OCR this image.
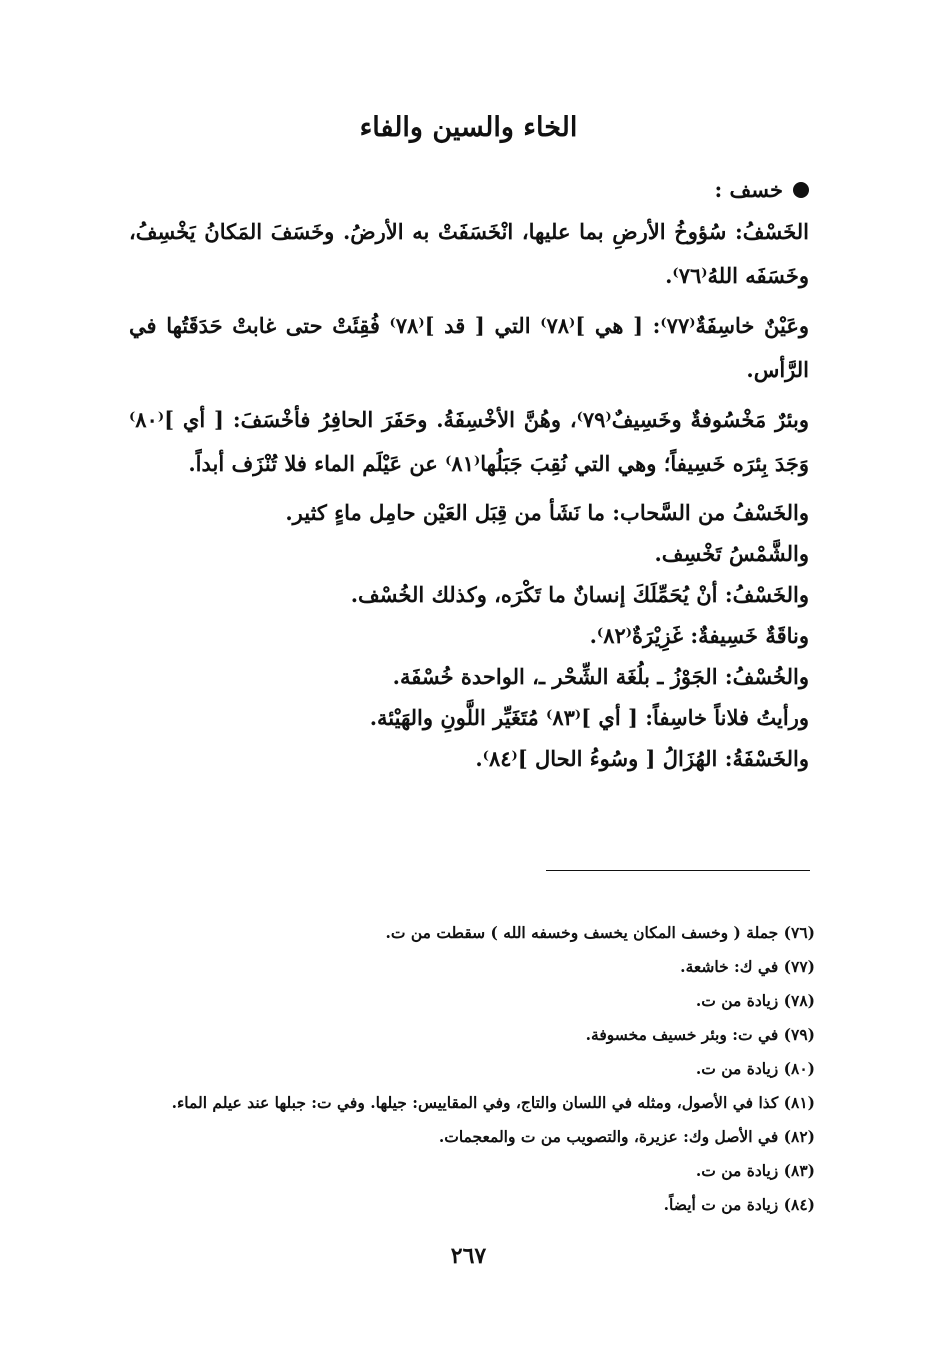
الخاء والسين والفاء
خسف :

الخَسْفُ: سُؤوخُ الأرضِ بما عليها، انْخَسَفَتْ به الأرضُ. وخَسَفَ المَكانُ يَخْسِفُ، وخَسَفَه اللهُ⁽٧٦⁾.

وعَيْنٌ خاسِفَةٌ⁽٧٧⁾: [ هي ]⁽٧٨⁾ التي [ قد ]⁽٧٨⁾ فُقِئَتْ حتى غابتْ حَدَقَتُها في الرَّأس.

وبئرٌ مَخْسُوفةٌ وخَسِيفٌ⁽٧٩⁾، وهُنَّ الأخْسِفَةُ. وحَفَرَ الحافِرُ فأخْسَفَ: [ أي ]⁽٨٠⁾ وَجَدَ بِئرَه خَسِيفاً؛ وهي التي نُقِبَ جَبَلُها⁽٨١⁾ عن عَيْلَم الماء فلا تُنْزَف أبداً.

والخَسْفُ من السَّحاب: ما نَشَأ من قِبَل العَيْن حامِل ماءٍ كثير.

والشَّمْسُ تَخْسِف.

والخَسْفُ: أنْ يُحَمِّلَكَ إنسانٌ ما تَكْرَه، وكذلك الخُسْف.

وناقَةٌ خَسِيفةٌ: غَزِيْرَةٌ⁽٨٢⁾.

والخُسْفُ: الجَوْزُ ـ بلُغَة الشِّحْر ـ، الواحدة خُسْفَة.

ورأيتُ فلاناً خاسِفاً: [ أي ]⁽٨٣⁾ مُتَغَيِّر اللَّونِ والهَيْئة.

والخَسْفَةُ: الهُزَالُ [ وسُوءُ الحال ]⁽٨٤⁾.

(٧٦) جملة ( وخسف المكان يخسف وخسفه الله ) سقطت من ت.

(٧٧) في ك: خاشعة.

(٧٨) زيادة من ت.

(٧٩) في ت: وبئر خسيف مخسوفة.

(٨٠) زيادة من ت.

(٨١) كذا في الأصول، ومثله في اللسان والتاج، وفي المقاييس: جيلها. وفي ت: جبلها عند عيلم الماء.

(٨٢) في الأصل وك: عزيرة، والتصويب من ت والمعجمات.

(٨٣) زيادة من ت.

(٨٤) زيادة من ت أيضاً.

٢٦٧
